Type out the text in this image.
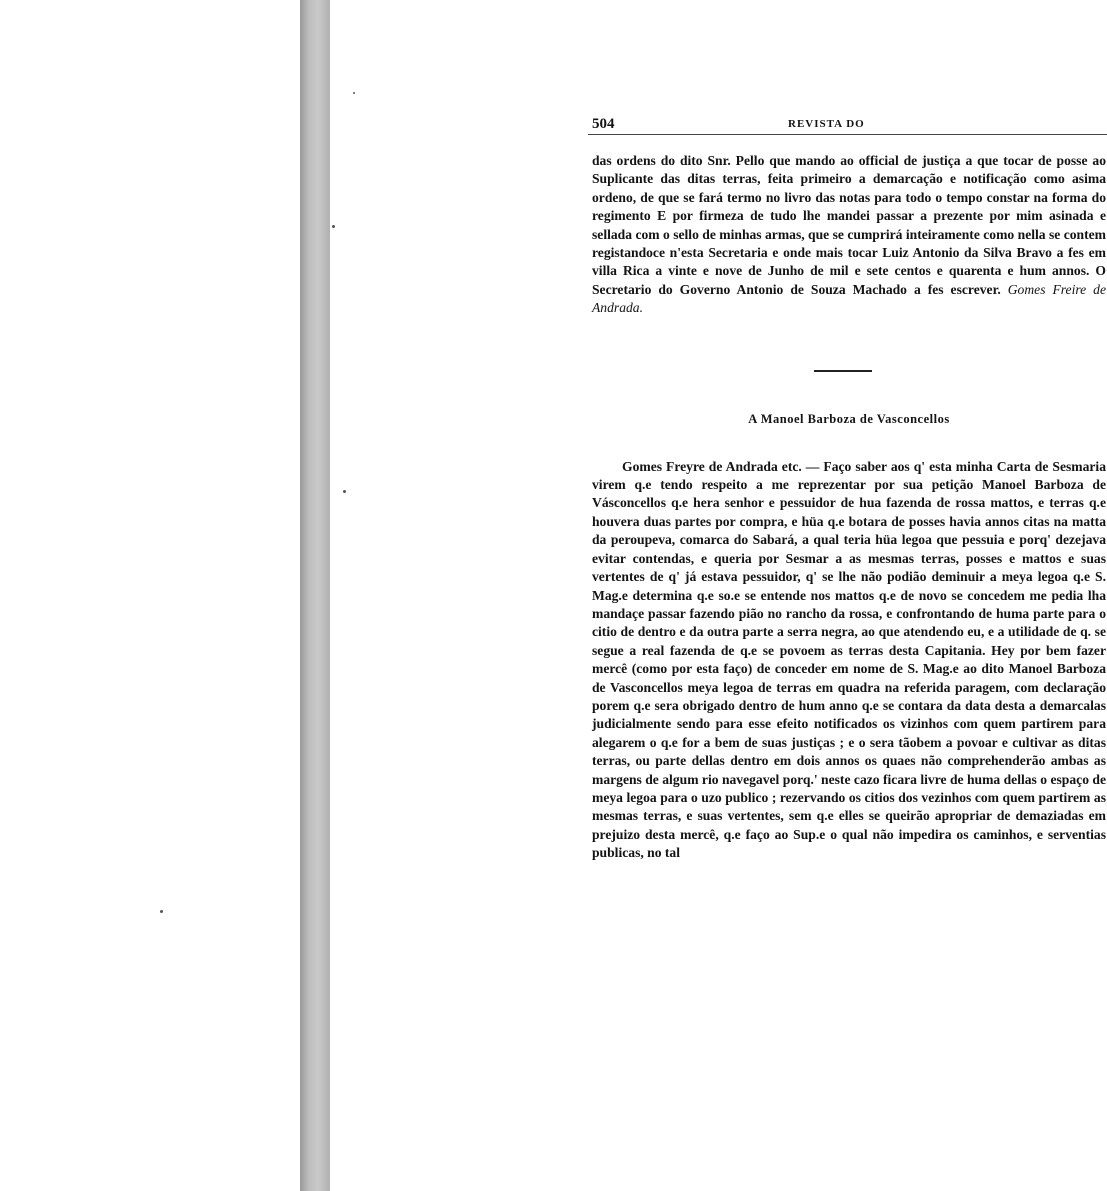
504	REVISTA DO

das ordens do dito Snr. Pello que mando ao official de justiça a que tocar de posse ao Suplicante das ditas terras, feita primeiro a demarcação e notificação como asima ordeno, de que se fará termo no livro das notas para todo o tempo constar na forma do regimento E por firmeza de tudo lhe mandei passar a prezente por mim asinada e sellada com o sello de minhas armas, que se cumprirá inteiramente como nella se contem registandoce n'esta Secretaria e onde mais tocar Luiz Antonio da Silva Bravo a fes em villa Rica a vinte e nove de Junho de mil e sete centos e quarenta e hum annos. O Secretario do Governo Antonio de Souza Machado a fes escrever. Gomes Freire de Andrada.

A Manoel Barboza de Vasconcellos

Gomes Freyre de Andrada etc. — Faço saber aos q' esta minha Carta de Sesmaria virem q.e tendo respeito a me reprezentar por sua petição Manoel Barboza de Vásconcellos q.e hera senhor e pessuidor de hua fazenda de rossa mattos, e terras q.e houvera duas partes por compra, e hüa q.e botara de posses havia annos citas na matta da peroupeva, comarca do Sabará, a qual teria hüa legoa que pessuia e porq' dezejava evitar contendas, e queria por Sesmar a as mesmas terras, posses e mattos e suas vertentes de q' já estava pessuidor, q' se lhe não podião deminuir a meya legoa q.e S. Mag.e determina q.e so.e se entende nos mattos q.e de novo se concedem me pedia lha mandaçe passar fazendo pião no rancho da rossa, e confrontando de huma parte para o citio de dentro e da outra parte a serra negra, ao que atendendo eu, e a utilidade de q. se segue a real fazenda de q.e se povoem as terras desta Capitania. Hey por bem fazer mercê (como por esta faço) de conceder em nome de S. Mag.e ao dito Manoel Barboza de Vasconcellos meya legoa de terras em quadra na referida paragem, com declaração porem q.e sera obrigado dentro de hum anno q.e se contara da data desta a demarcalas judicialmente sendo para esse efeito notificados os vizinhos com quem partirem para alegarem o q.e for a bem de suas justiças ; e o sera tãobem a povoar e cultivar as ditas terras, ou parte dellas dentro em dois annos os quaes não comprehenderão ambas as margens de algum rio navegavel porq.' neste cazo ficara livre de huma dellas o espaço de meya legoa para o uzo publico ; rezervando os citios dos vezinhos com quem partirem as mesmas terras, e suas vertentes, sem q.e elles se queirão apropriar de demaziadas em prejuizo desta mercê, q.e faço ao Sup.e o qual não impedira os caminhos, e serventias publicas, no tal
